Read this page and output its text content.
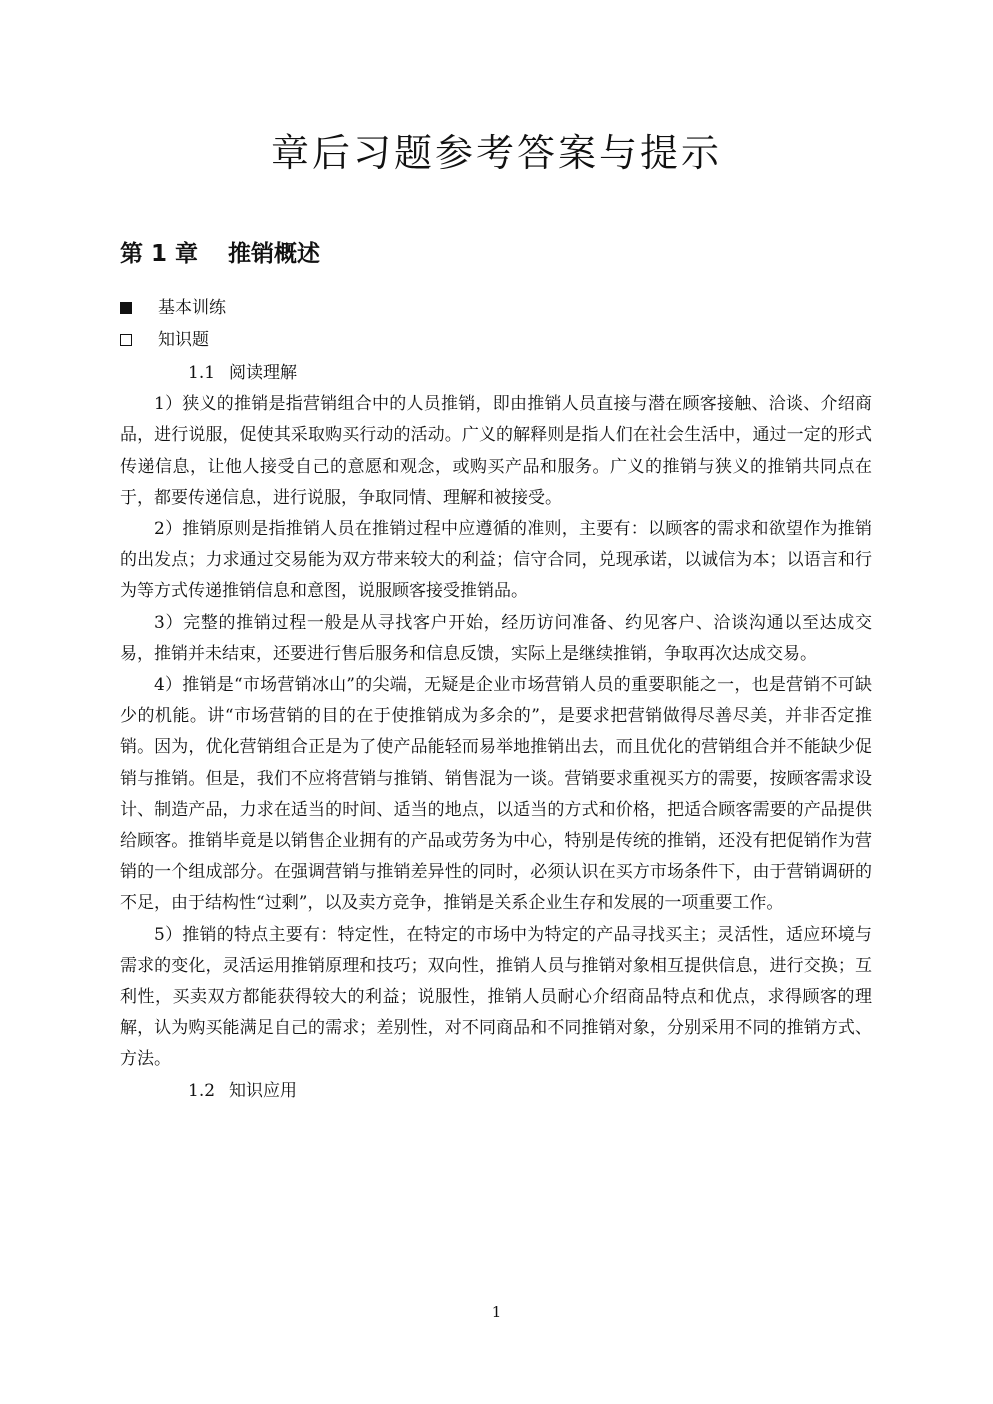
章后习题参考答案与提示
第 1 章 推销概述
基本训练
知识题

1.1 阅读理解

1）狭义的推销是指营销组合中的人员推销，即由推销人员直接与潜在顾客接触、洽谈、介绍商品，进行说服，促使其采取购买行动的活动。广义的解释则是指人们在社会生活中，通过一定的形式传递信息，让他人接受自己的意愿和观念，或购买产品和服务。广义的推销与狭义的推销共同点在于，都要传递信息，进行说服，争取同情、理解和被接受。

2）推销原则是指推销人员在推销过程中应遵循的准则，主要有：以顾客的需求和欲望作为推销的出发点；力求通过交易能为双方带来较大的利益；信守合同，兑现承诺，以诚信为本；以语言和行为等方式传递推销信息和意图，说服顾客接受推销品。

3）完整的推销过程一般是从寻找客户开始，经历访问准备、约见客户、洽谈沟通以至达成交易，推销并未结束，还要进行售后服务和信息反馈，实际上是继续推销，争取再次达成交易。

4）推销是“市场营销冰山”的尖端，无疑是企业市场营销人员的重要职能之一，也是营销不可缺少的机能。讲“市场营销的目的在于使推销成为多余的”，是要求把营销做得尽善尽美，并非否定推销。因为，优化营销组合正是为了使产品能轻而易举地推销出去，而且优化的营销组合并不能缺少促销与推销。但是，我们不应将营销与推销、销售混为一谈。营销要求重视买方的需要，按顾客需求设计、制造产品，力求在适当的时间、适当的地点，以适当的方式和价格，把适合顾客需要的产品提供给顾客。推销毕竟是以销售企业拥有的产品或劳务为中心，特别是传统的推销，还没有把促销作为营销的一个组成部分。在强调营销与推销差异性的同时，必须认识在买方市场条件下，由于营销调研的不足，由于结构性“过剩”，以及卖方竞争，推销是关系企业生存和发展的一项重要工作。

5）推销的特点主要有：特定性，在特定的市场中为特定的产品寻找买主；灵活性，适应环境与需求的变化，灵活运用推销原理和技巧；双向性，推销人员与推销对象相互提供信息，进行交换；互利性，买卖双方都能获得较大的利益；说服性，推销人员耐心介绍商品特点和优点，求得顾客的理解，认为购买能满足自己的需求；差别性，对不同商品和不同推销对象，分别采用不同的推销方式、方法。

1.2 知识应用

1
